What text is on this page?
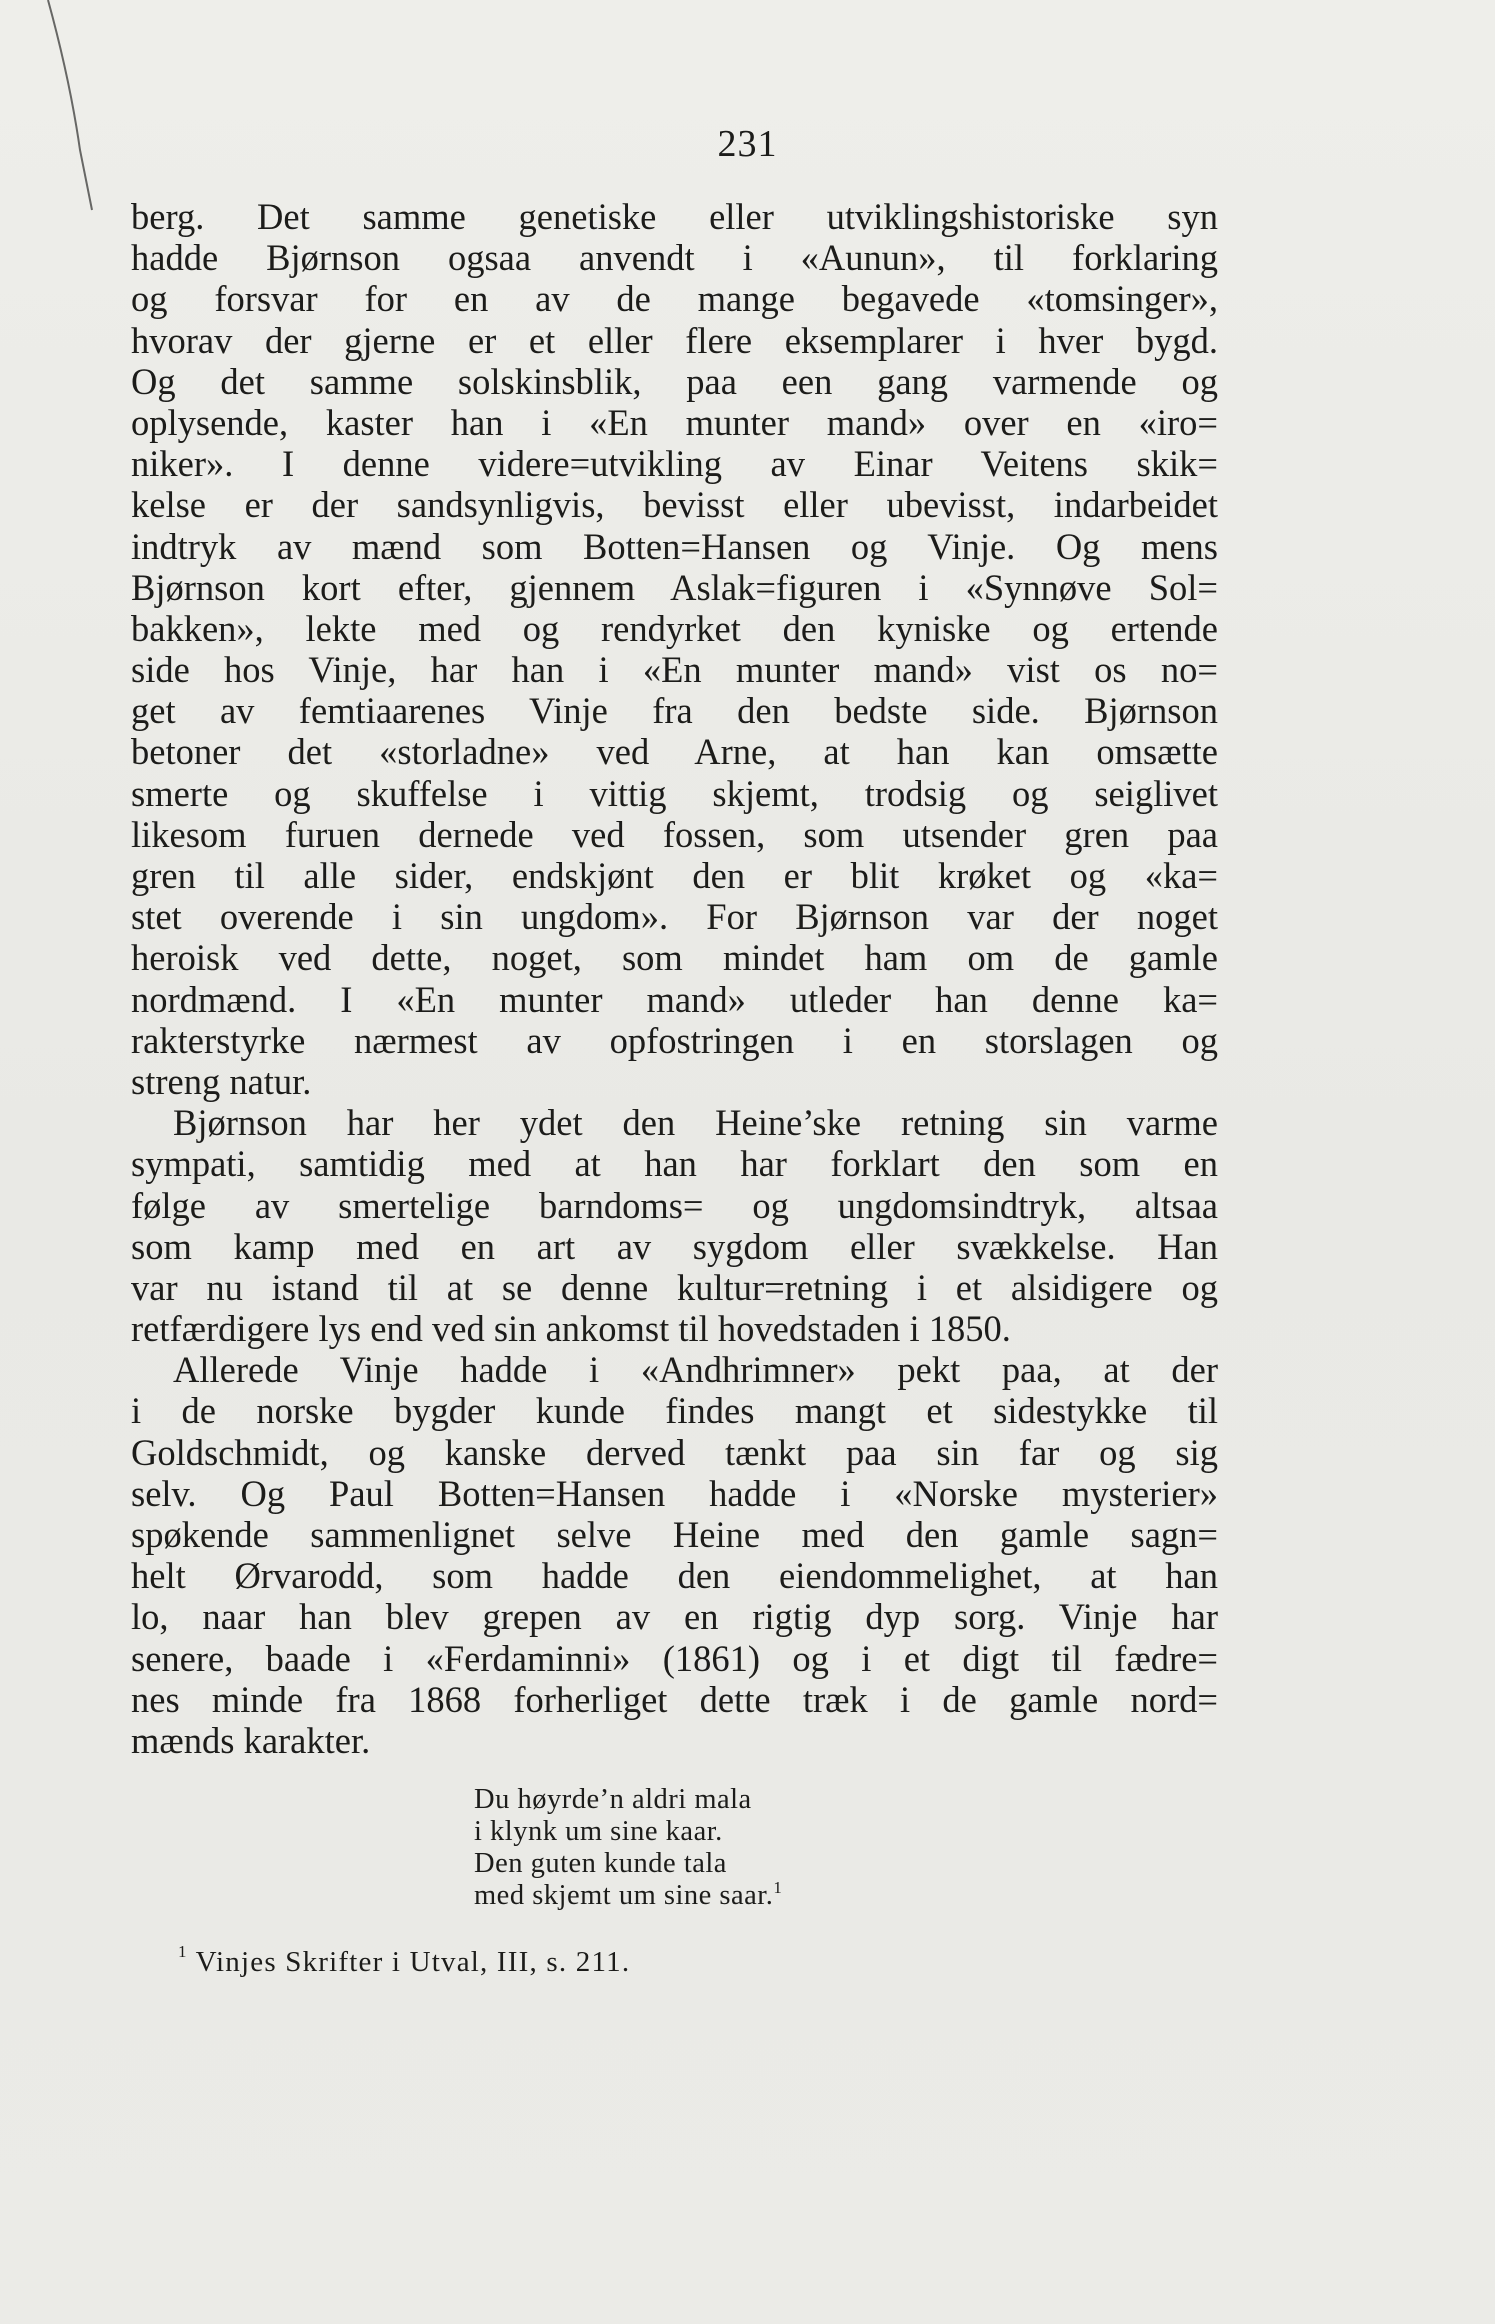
231
berg. Det samme genetiske eller utviklingshistoriske syn
hadde Bjørnson ogsaa anvendt i «Aunun», til forklaring
og forsvar for en av de mange begavede «tomsinger»,
hvorav der gjerne er et eller flere eksemplarer i hver bygd.
Og det samme solskinsblik, paa een gang varmende og
oplysende, kaster han i «En munter mand» over en «iro=
niker». I denne videre=utvikling av Einar Veitens skik=
kelse er der sandsynligvis, bevisst eller ubevisst, indarbeidet
indtryk av mænd som Botten=Hansen og Vinje. Og mens
Bjørnson kort efter, gjennem Aslak=figuren i «Synnøve Sol=
bakken», lekte med og rendyrket den kyniske og ertende
side hos Vinje, har han i «En munter mand» vist os no=
get av femtiaarenes Vinje fra den bedste side. Bjørnson
betoner det «storladne» ved Arne, at han kan omsætte
smerte og skuffelse i vittig skjemt, trodsig og seiglivet
likesom furuen dernede ved fossen, som utsender gren paa
gren til alle sider, endskjønt den er blit krøket og «ka=
stet overende i sin ungdom». For Bjørnson var der noget
heroisk ved dette, noget, som mindet ham om de gamle
nordmænd. I «En munter mand» utleder han denne ka=
rakterstyrke nærmest av opfostringen i en storslagen og
streng natur.
Bjørnson har her ydet den Heine’ske retning sin varme
sympati, samtidig med at han har forklart den som en
følge av smertelige barndoms= og ungdomsindtryk, altsaa
som kamp med en art av sygdom eller svækkelse. Han
var nu istand til at se denne kultur=retning i et alsidigere og
retfærdigere lys end ved sin ankomst til hovedstaden i 1850.
Allerede Vinje hadde i «Andhrimner» pekt paa, at der
i de norske bygder kunde findes mangt et sidestykke til
Goldschmidt, og kanske derved tænkt paa sin far og sig
selv. Og Paul Botten=Hansen hadde i «Norske mysterier»
spøkende sammenlignet selve Heine med den gamle sagn=
helt Ørvarodd, som hadde den eiendommelighet, at han
lo, naar han blev grepen av en rigtig dyp sorg. Vinje har
senere, baade i «Ferdaminni» (1861) og i et digt til fædre=
nes minde fra 1868 forherliget dette træk i de gamle nord=
mænds karakter.
Du høyrde’n aldri mala
i klynk um sine kaar.
Den guten kunde tala
med skjemt um sine saar.$^1$
$^1$ Vinjes Skrifter i Utval, III, s. 211.
